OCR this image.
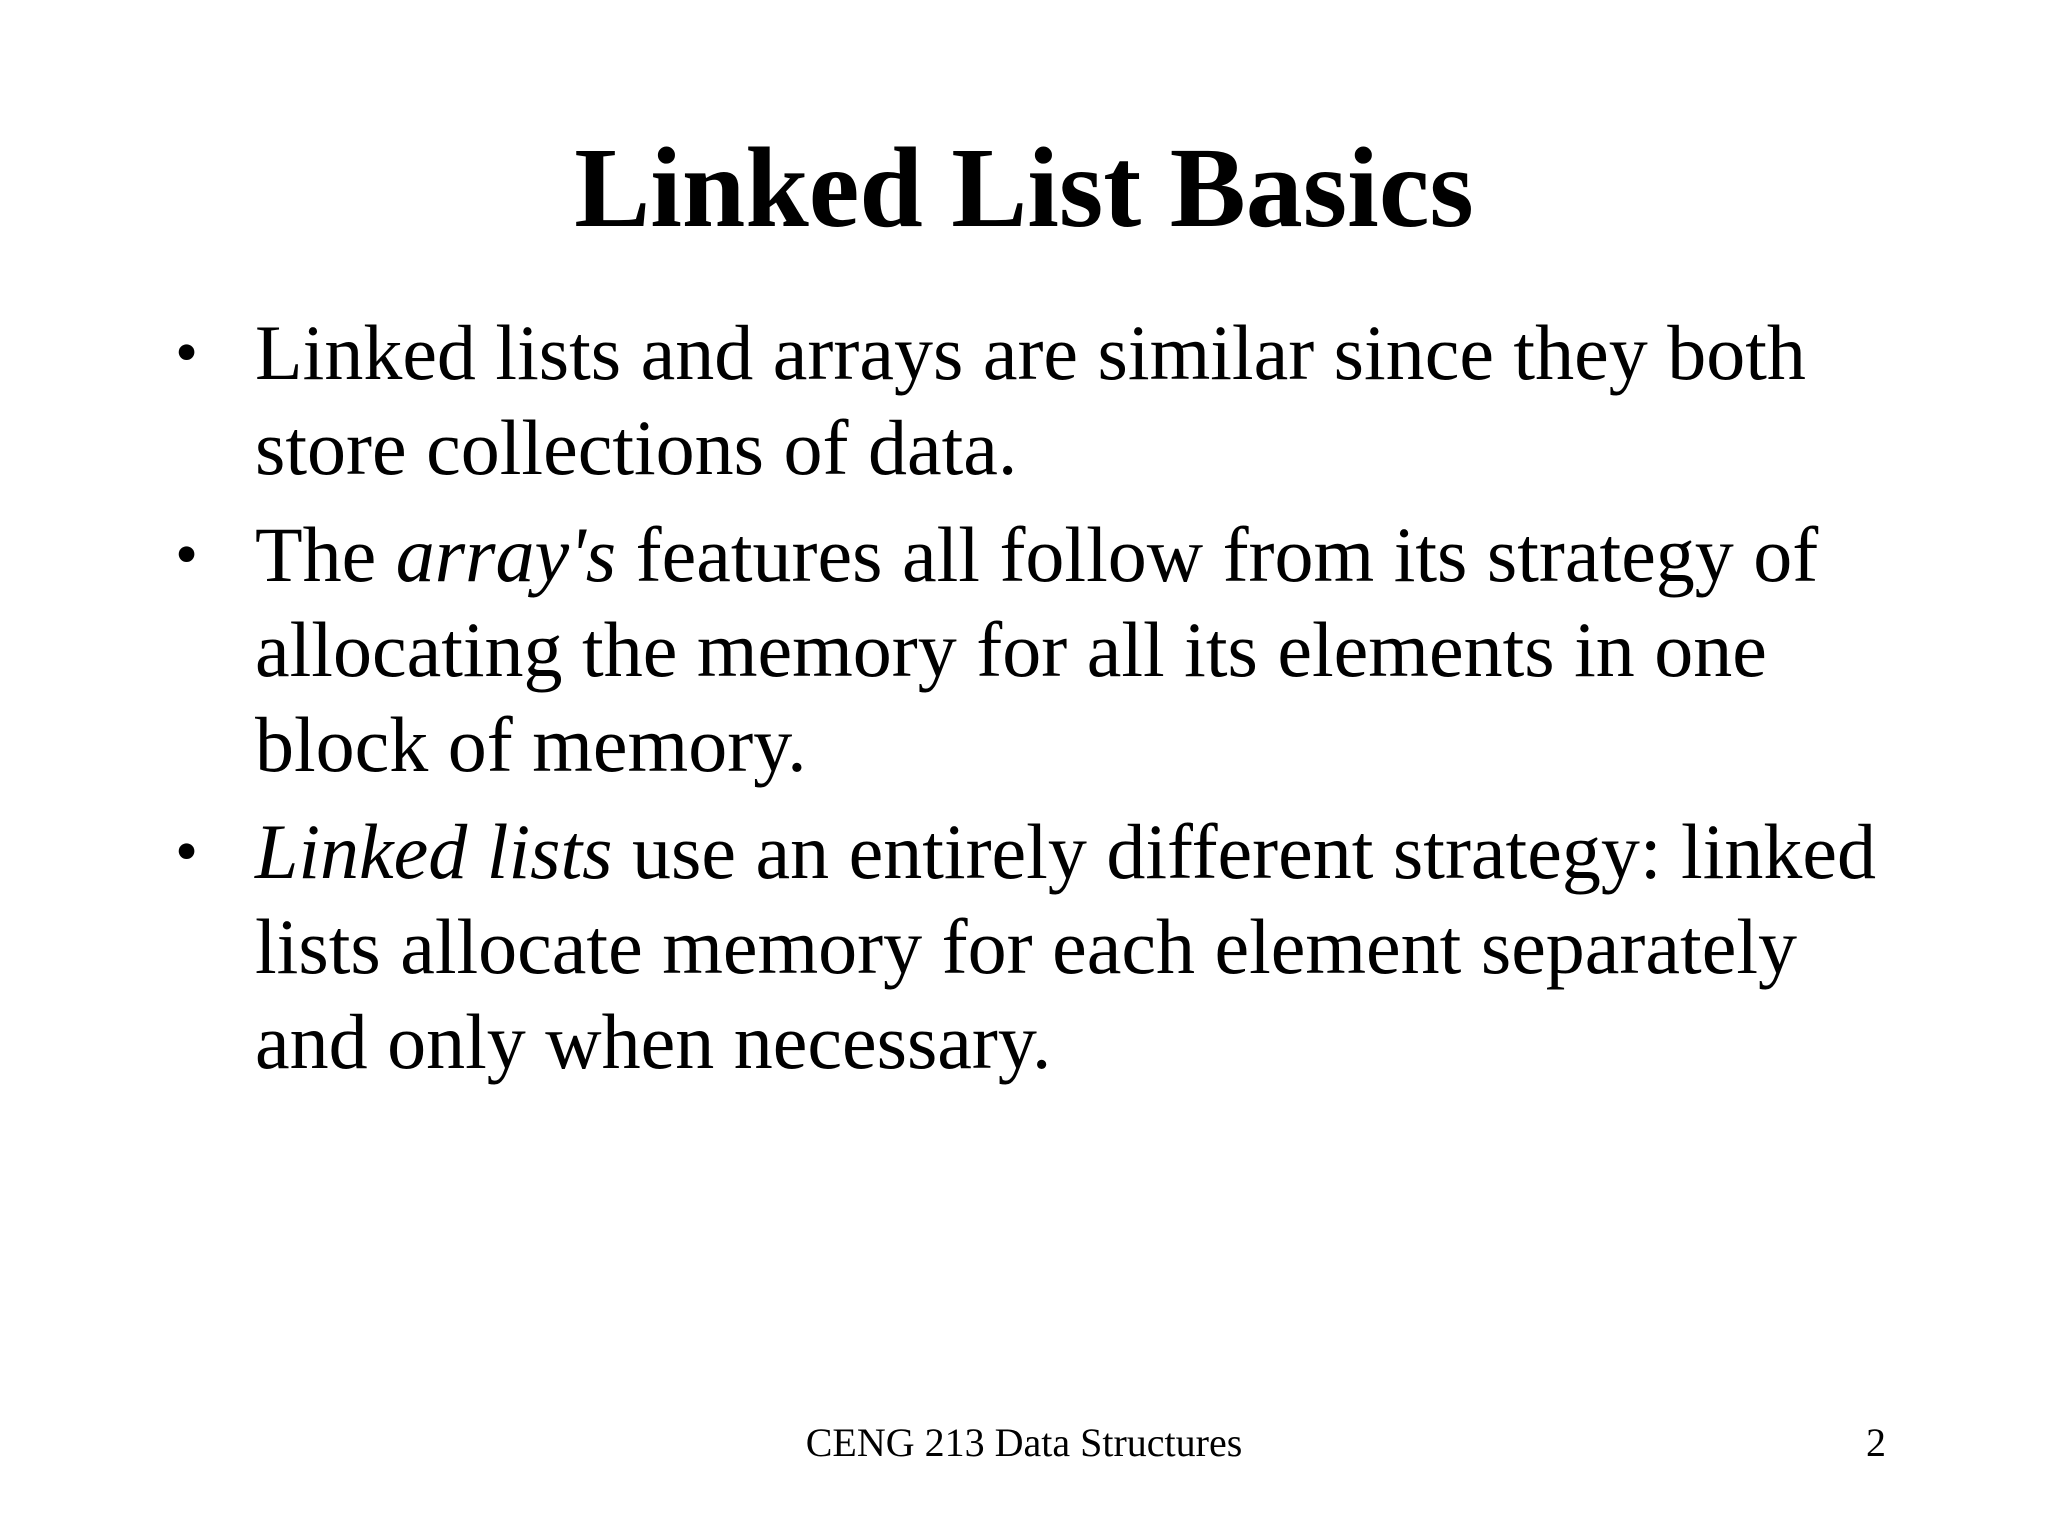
Linked List Basics
• Linked lists and arrays are similar since they both store collections of data.
• The array's features all follow from its strategy of allocating the memory for all its elements in one block of memory.
• Linked lists use an entirely different strategy: linked lists allocate memory for each element separately and only when necessary.
CENG 213 Data Structures	2
